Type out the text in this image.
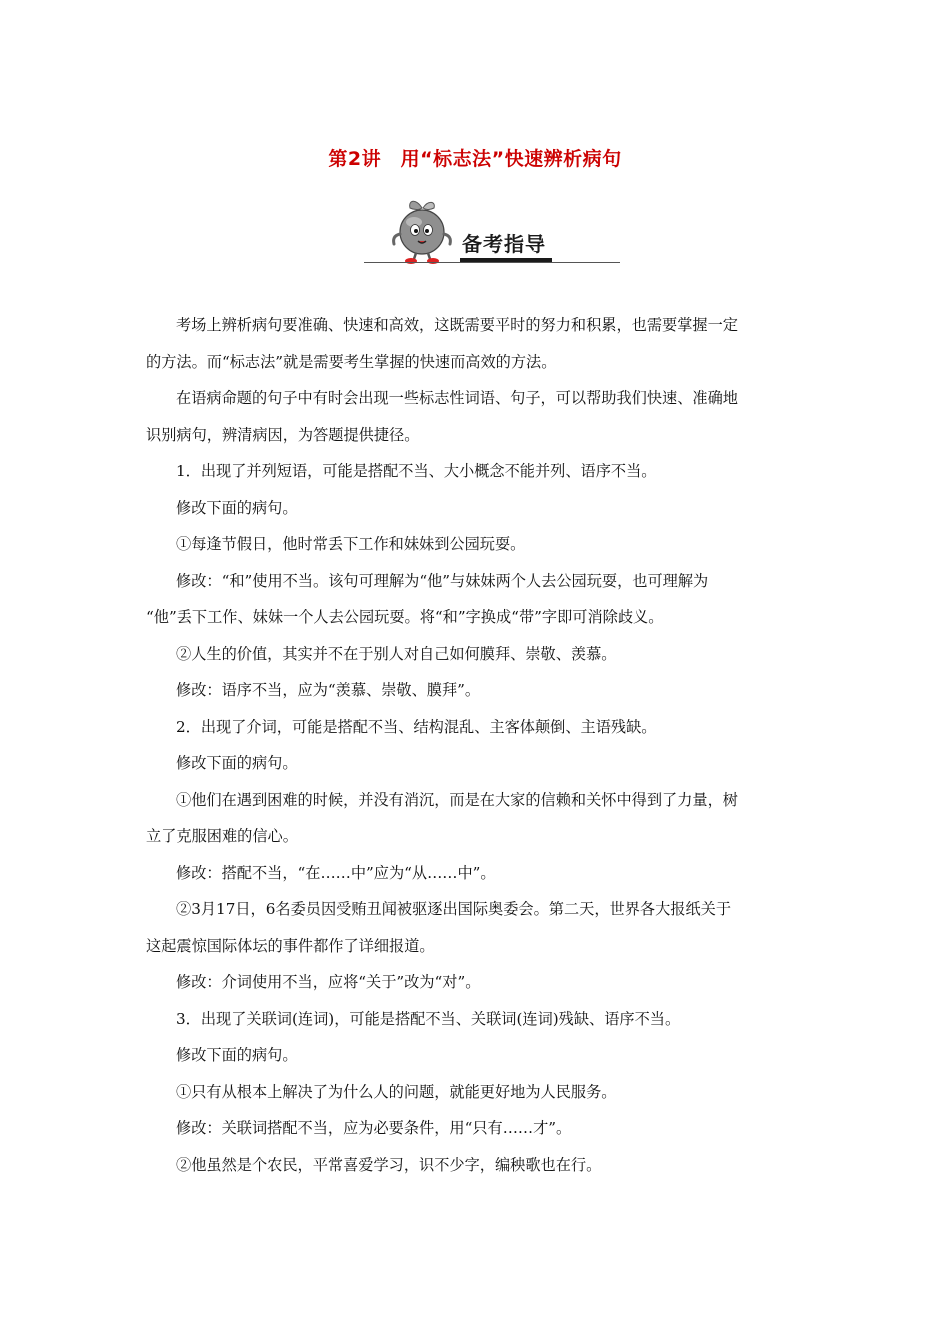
第2讲　用“标志法”快速辨析病句
备考指导

考场上辨析病句要准确、快速和高效，这既需要平时的努力和积累，也需要掌握一定

的方法。而“标志法”就是需要考生掌握的快速而高效的方法。

在语病命题的句子中有时会出现一些标志性词语、句子，可以帮助我们快速、准确地

识别病句，辨清病因，为答题提供捷径。

1．出现了并列短语，可能是搭配不当、大小概念不能并列、语序不当。

修改下面的病句。

①每逢节假日，他时常丢下工作和妹妹到公园玩耍。

修改：“和”使用不当。该句可理解为“他”与妹妹两个人去公园玩耍，也可理解为

“他”丢下工作、妹妹一个人去公园玩耍。将“和”字换成“带”字即可消除歧义。

②人生的价值，其实并不在于别人对自己如何膜拜、崇敬、羡慕。

修改：语序不当，应为“羡慕、崇敬、膜拜”。

2．出现了介词，可能是搭配不当、结构混乱、主客体颠倒、主语残缺。

修改下面的病句。

①他们在遇到困难的时候，并没有消沉，而是在大家的信赖和关怀中得到了力量，树

立了克服困难的信心。

修改：搭配不当，“在……中”应为“从……中”。

②3月17日，6名委员因受贿丑闻被驱逐出国际奥委会。第二天，世界各大报纸关于

这起震惊国际体坛的事件都作了详细报道。

修改：介词使用不当，应将“关于”改为“对”。

3．出现了关联词(连词)，可能是搭配不当、关联词(连词)残缺、语序不当。

修改下面的病句。

①只有从根本上解决了为什么人的问题，就能更好地为人民服务。

修改：关联词搭配不当，应为必要条件，用“只有……才”。

②他虽然是个农民，平常喜爱学习，识不少字，编秧歌也在行。
